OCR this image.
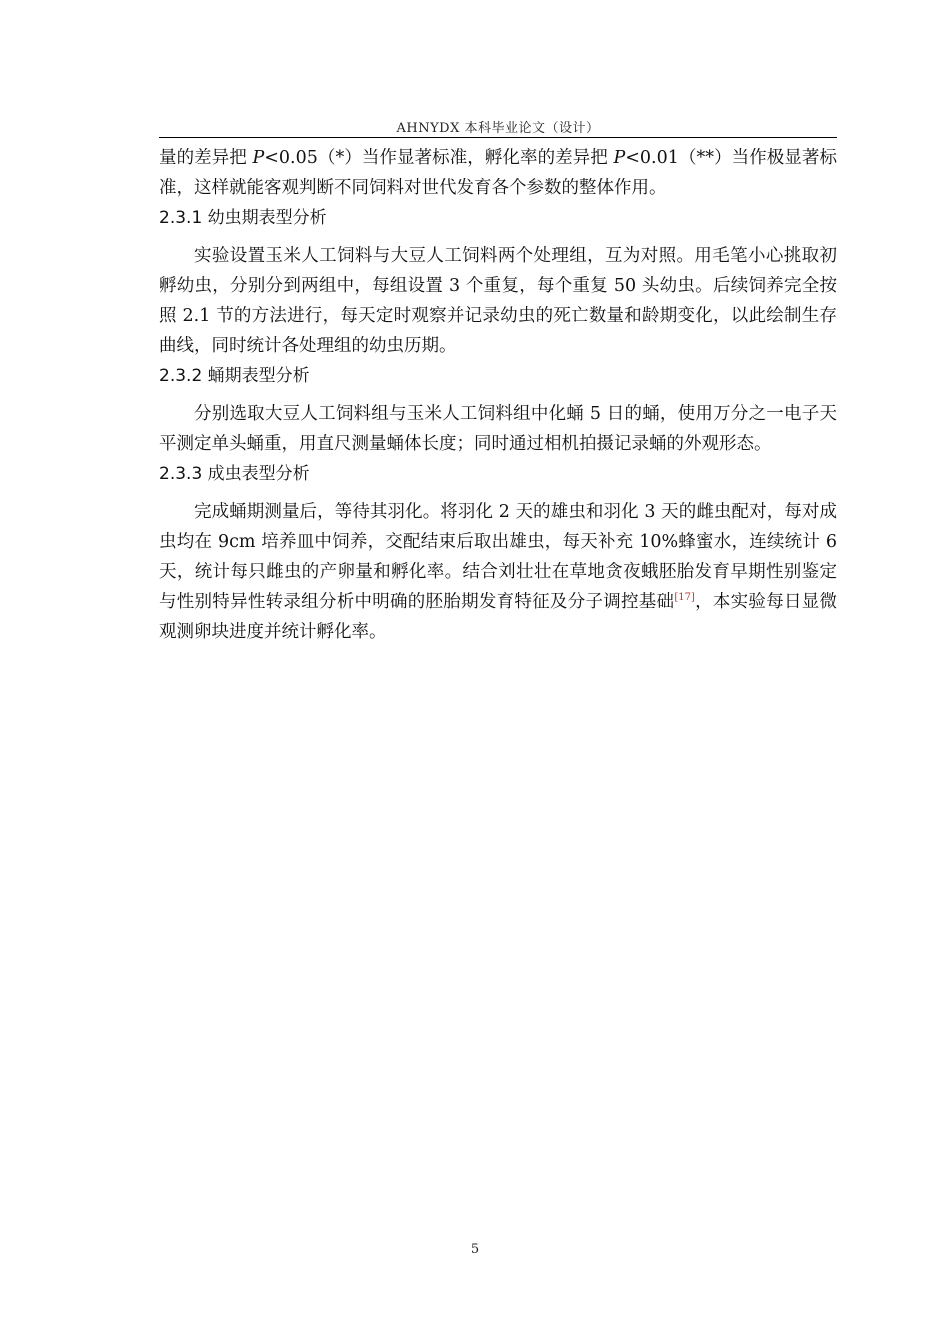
AHNYDX 本科毕业论文（设计）

量的差异把 P<0.05（*）当作显著标准，孵化率的差异把 P<0.01（**）当作极显著标准，这样就能客观判断不同饲料对世代发育各个参数的整体作用。

2.3.1 幼虫期表型分析

实验设置玉米人工饲料与大豆人工饲料两个处理组，互为对照。用毛笔小心挑取初孵幼虫，分别分到两组中，每组设置 3 个重复，每个重复 50 头幼虫。后续饲养完全按照 2.1 节的方法进行，每天定时观察并记录幼虫的死亡数量和龄期变化，以此绘制生存曲线，同时统计各处理组的幼虫历期。

2.3.2 蛹期表型分析

分别选取大豆人工饲料组与玉米人工饲料组中化蛹 5 日的蛹，使用万分之一电子天平测定单头蛹重，用直尺测量蛹体长度；同时通过相机拍摄记录蛹的外观形态。

2.3.3 成虫表型分析

完成蛹期测量后，等待其羽化。将羽化 2 天的雄虫和羽化 3 天的雌虫配对，每对成虫均在 9cm 培养皿中饲养，交配结束后取出雄虫，每天补充 10%蜂蜜水，连续统计 6 天，统计每只雌虫的产卵量和孵化率。结合刘壮壮在草地贪夜蛾胚胎发育早期性别鉴定与性别特异性转录组分析中明确的胚胎期发育特征及分子调控基础[17]，本实验每日显微观测卵块进度并统计孵化率。

5
